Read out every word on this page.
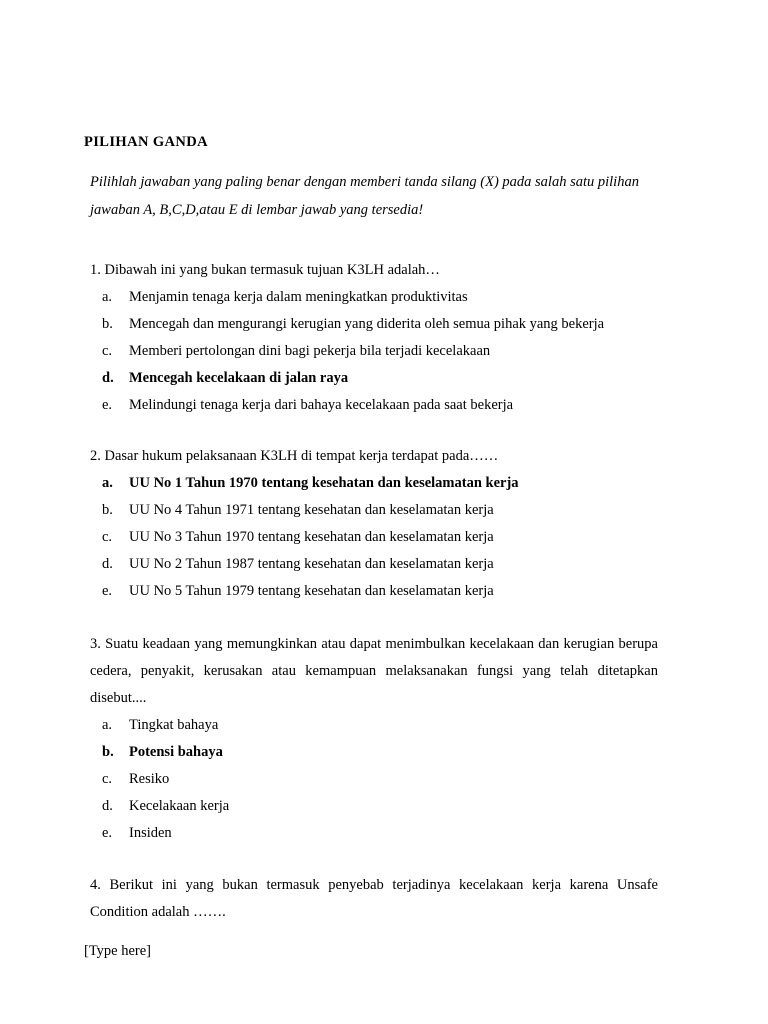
PILIHAN GANDA

Pilihlah jawaban yang paling benar dengan memberi tanda silang (X) pada salah satu pilihan jawaban A, B,C,D,atau E di lembar jawab yang tersedia!

1. Dibawah ini yang bukan termasuk tujuan K3LH adalah…

a.	Menjamin tenaga kerja dalam meningkatkan produktivitas
b.	Mencegah dan mengurangi kerugian yang diderita oleh semua pihak yang bekerja
c.	Memberi pertolongan dini bagi pekerja bila terjadi kecelakaan
d.	Mencegah kecelakaan di jalan raya
e.	Melindungi tenaga kerja dari bahaya kecelakaan pada saat bekerja

2. Dasar hukum pelaksanaan K3LH di tempat kerja terdapat pada……

a.	UU No 1 Tahun 1970 tentang kesehatan dan keselamatan kerja
b.	UU No 4 Tahun 1971 tentang kesehatan dan keselamatan kerja
c.	UU No 3 Tahun 1970 tentang kesehatan dan keselamatan kerja
d.	UU No 2 Tahun 1987 tentang kesehatan dan keselamatan kerja
e.	UU No 5 Tahun 1979 tentang kesehatan dan keselamatan kerja

3. Suatu keadaan yang memungkinkan atau dapat menimbulkan kecelakaan dan kerugian berupa cedera, penyakit, kerusakan atau kemampuan melaksanakan fungsi yang telah ditetapkan disebut....

a.	Tingkat bahaya
b.	Potensi bahaya
c.	Resiko
d.	Kecelakaan kerja
e.	Insiden

4. Berikut ini yang bukan termasuk penyebab terjadinya kecelakaan kerja karena Unsafe Condition adalah …….

[Type here]
